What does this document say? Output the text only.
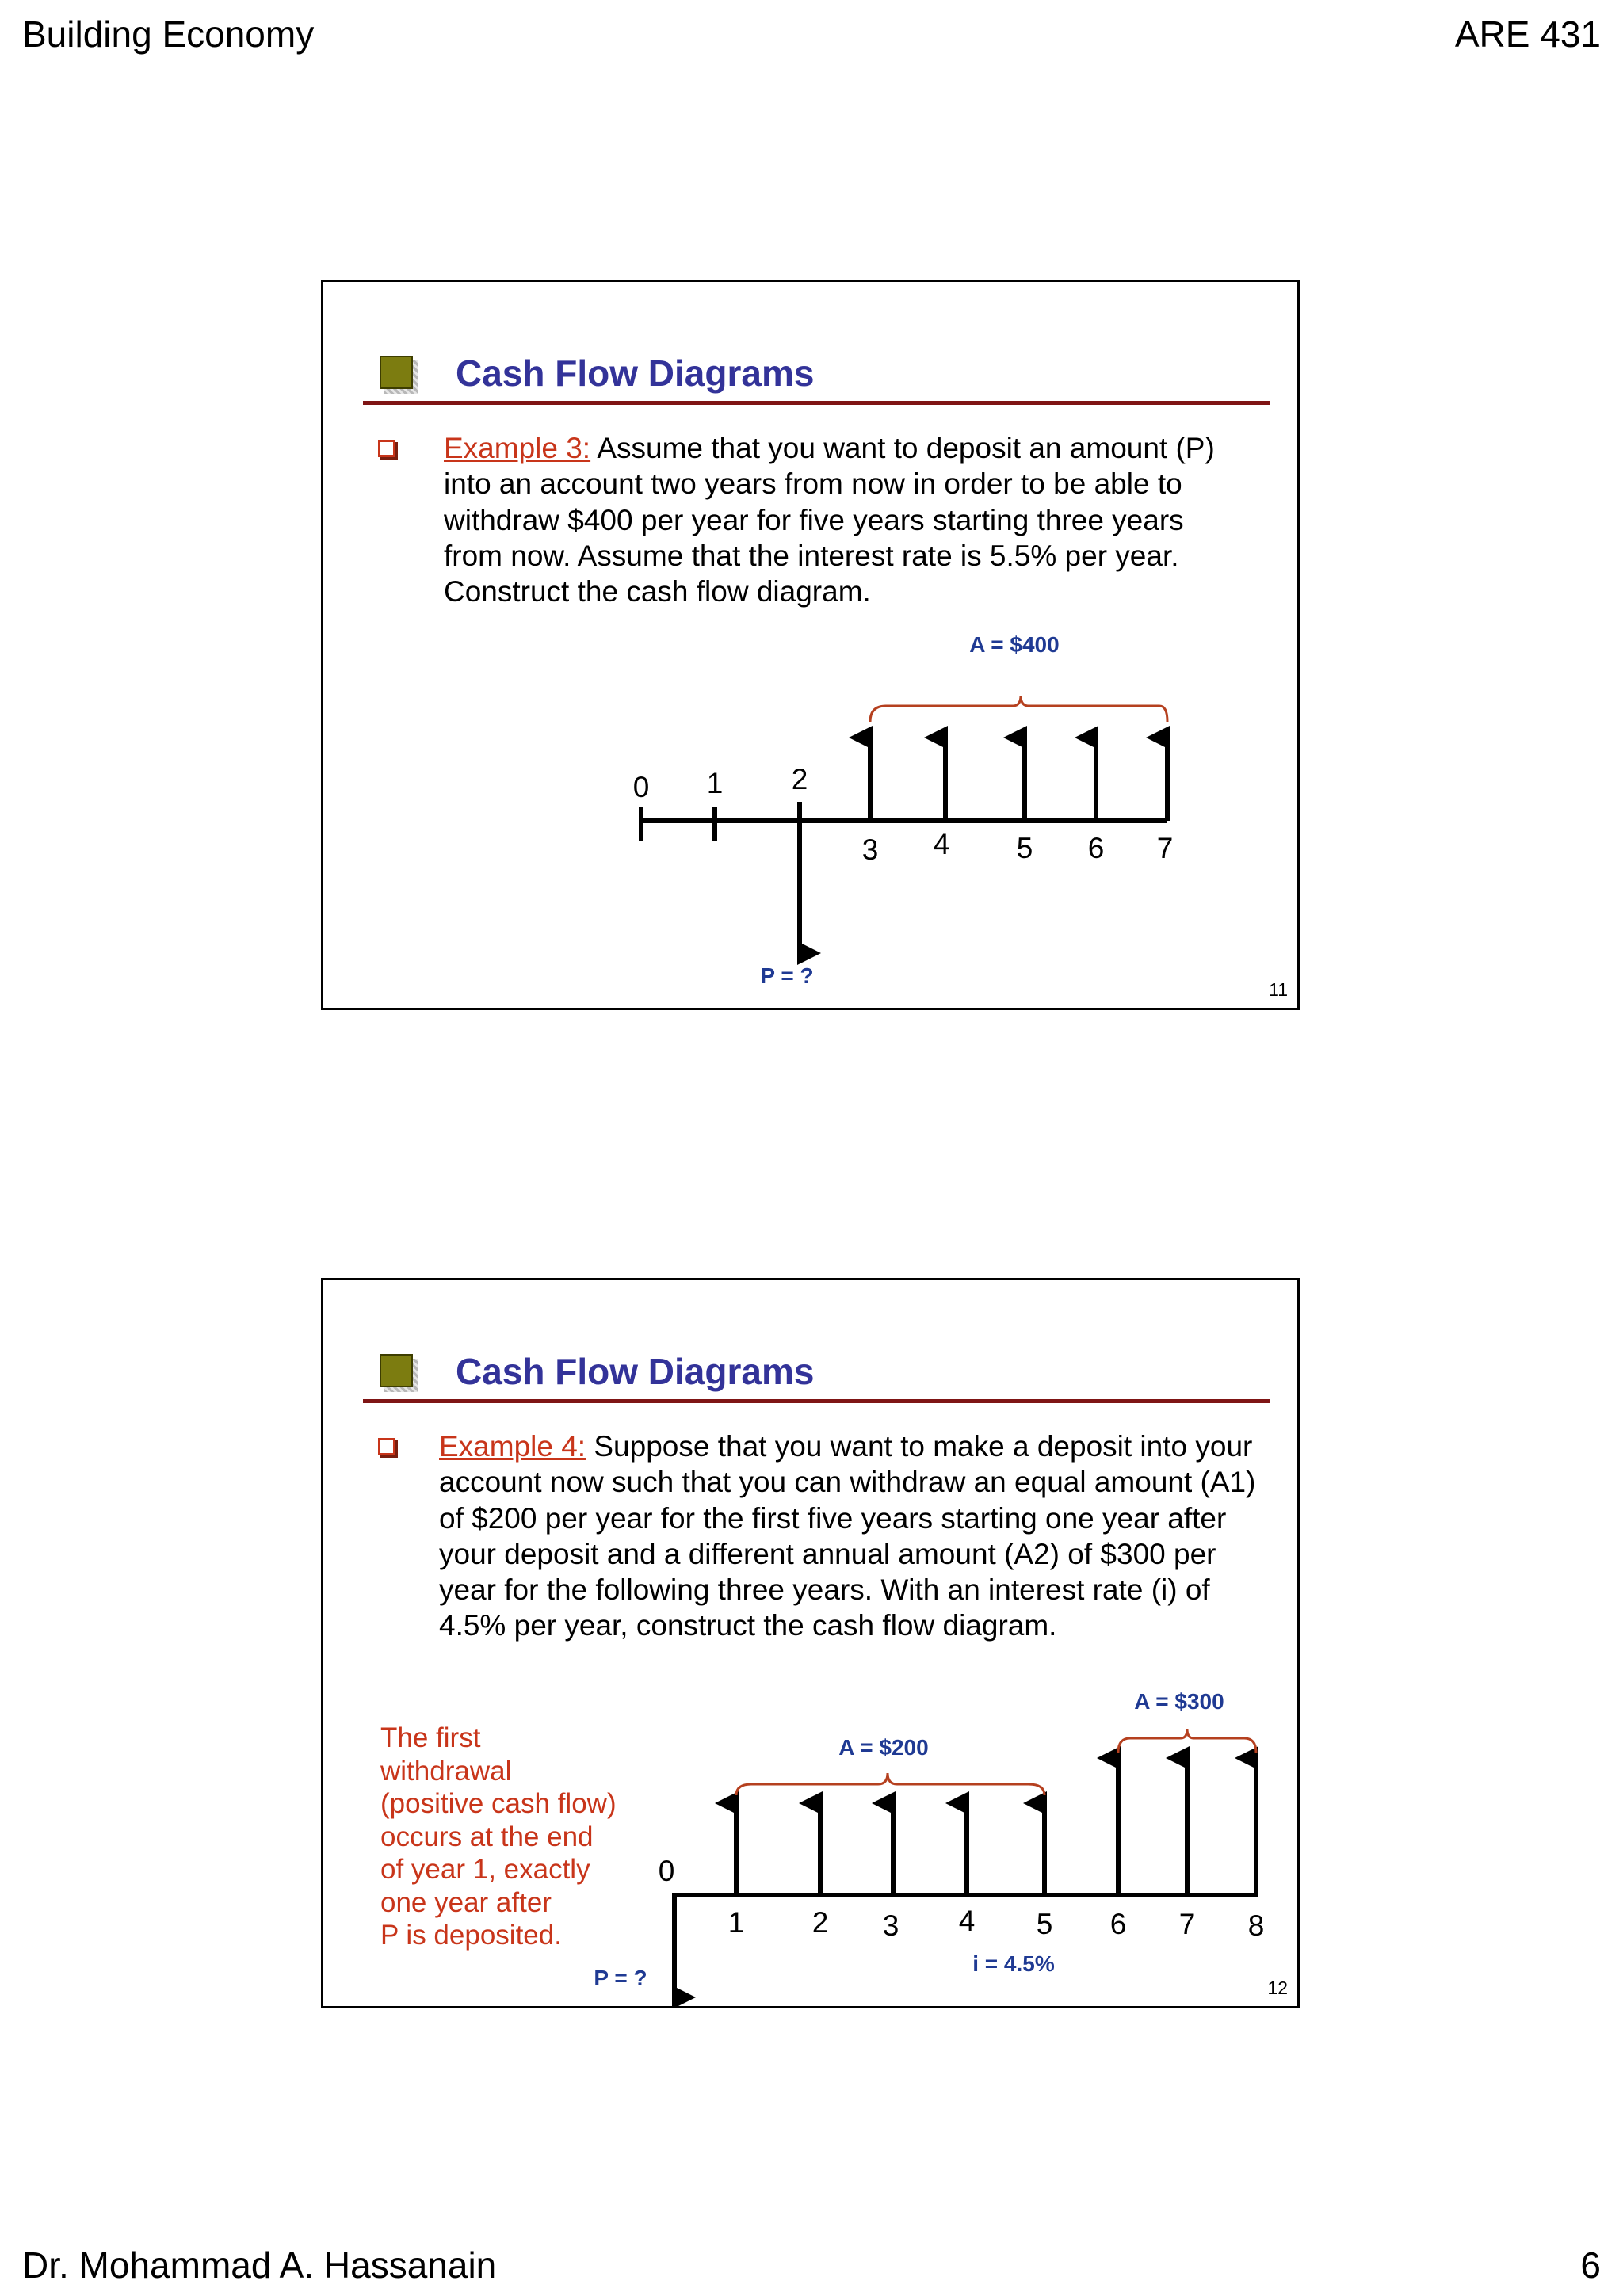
Building Economy	ARE 431
Dr. Mohammad A. Hassanain	6
Cash Flow Diagrams
Example 3: Assume that you want to deposit an amount (P)
into an account two years from now in order to be able to
withdraw $400 per year for five years starting three years
from now. Assume that the interest rate is 5.5% per year.
Construct the cash flow diagram.
0 1 2
3 4 5 6 7
A = $400
P = ?
11
Cash Flow Diagrams
Example 4: Suppose that you want to make a deposit into your
account now such that you can withdraw an equal amount (A1)
of $200 per year for the first five years starting one year after
your deposit and a different annual amount (A2) of $300 per
year for the following three years. With an interest rate (i) of
4.5% per year, construct the cash flow diagram.
The first
withdrawal
(positive cash flow)
occurs at the end
of year 1, exactly
one year after
P is deposited.
0
1 2 3 4 5 6 7 8
A = $200
A = $300
P = ?
i = 4.5%
12
